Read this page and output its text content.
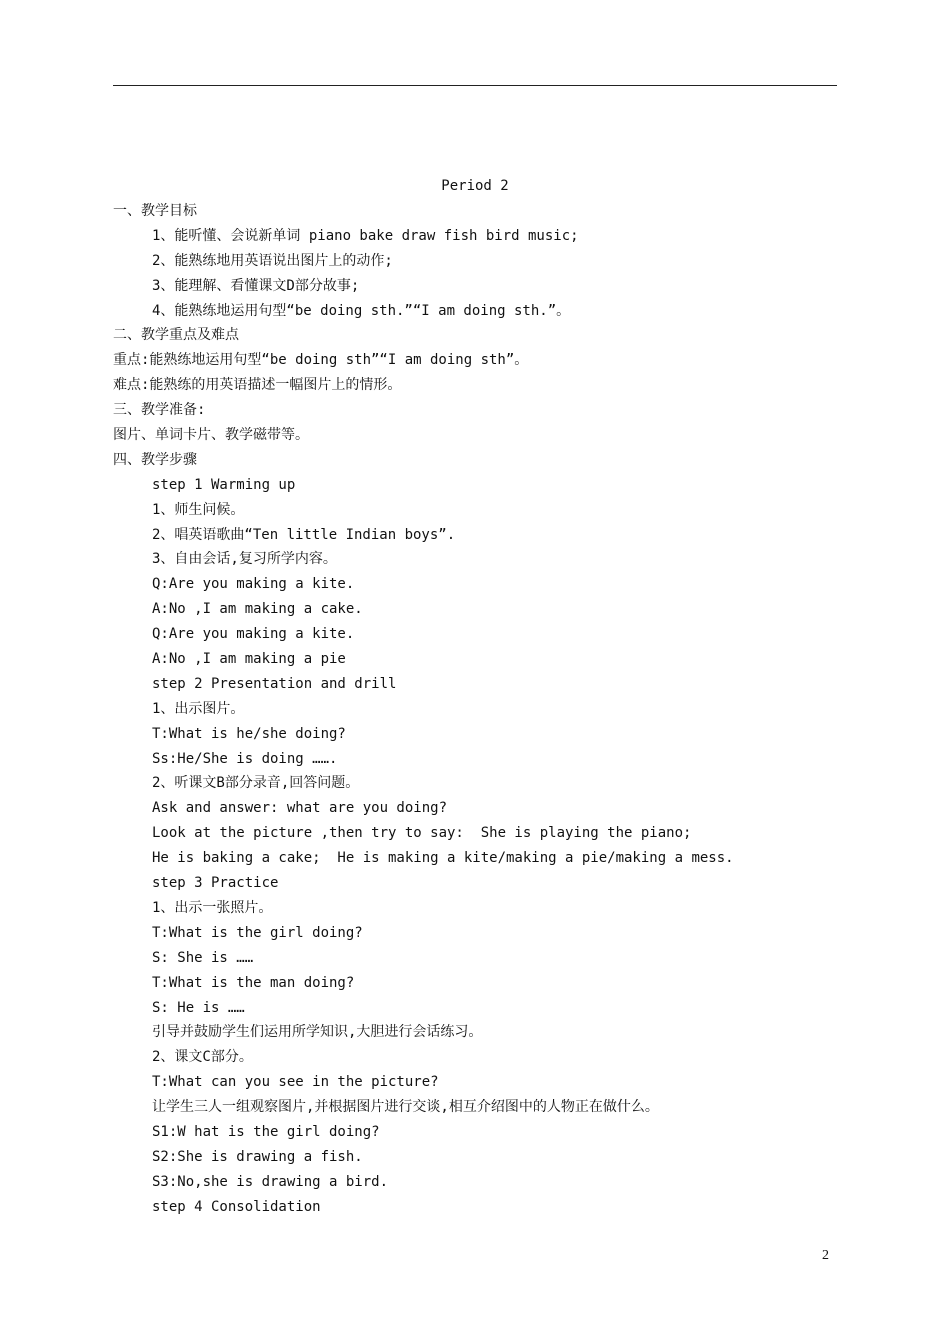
Period 2
一、教学目标
1、能听懂、会说新单词 piano bake draw fish bird music;
2、能熟练地用英语说出图片上的动作;
3、能理解、看懂课文D部分故事;
4、能熟练地运用句型“be doing sth.”“I am doing sth.”。
二、教学重点及难点
重点:能熟练地运用句型“be doing sth”“I am doing sth”。
难点:能熟练的用英语描述一幅图片上的情形。
三、教学准备:
图片、单词卡片、教学磁带等。
四、教学步骤
step 1 Warming up
1、师生问候。
2、唱英语歌曲“Ten little Indian boys”.
3、自由会话,复习所学内容。
Q:Are you making a kite.
A:No ,I am making a cake.
Q:Are you making a kite.
A:No ,I am making a pie
step 2 Presentation and drill
1、出示图片。
T:What is he/she doing?
Ss:He/She is doing …….
2、听课文B部分录音,回答问题。
Ask and answer: what are you doing?
Look at the picture ,then try to say:  She is playing the piano;
He is baking a cake;  He is making a kite/making a pie/making a mess.
step 3 Practice
1、出示一张照片。
T:What is the girl doing?
S: She is ……
T:What is the man doing?
S: He is ……
引导并鼓励学生们运用所学知识,大胆进行会话练习。
2、课文C部分。
T:What can you see in the picture?
让学生三人一组观察图片,并根据图片进行交谈,相互介绍图中的人物正在做什么。
S1:W hat is the girl doing?
S2:She is drawing a fish.
S3:No,she is drawing a bird.
step 4 Consolidation
2
